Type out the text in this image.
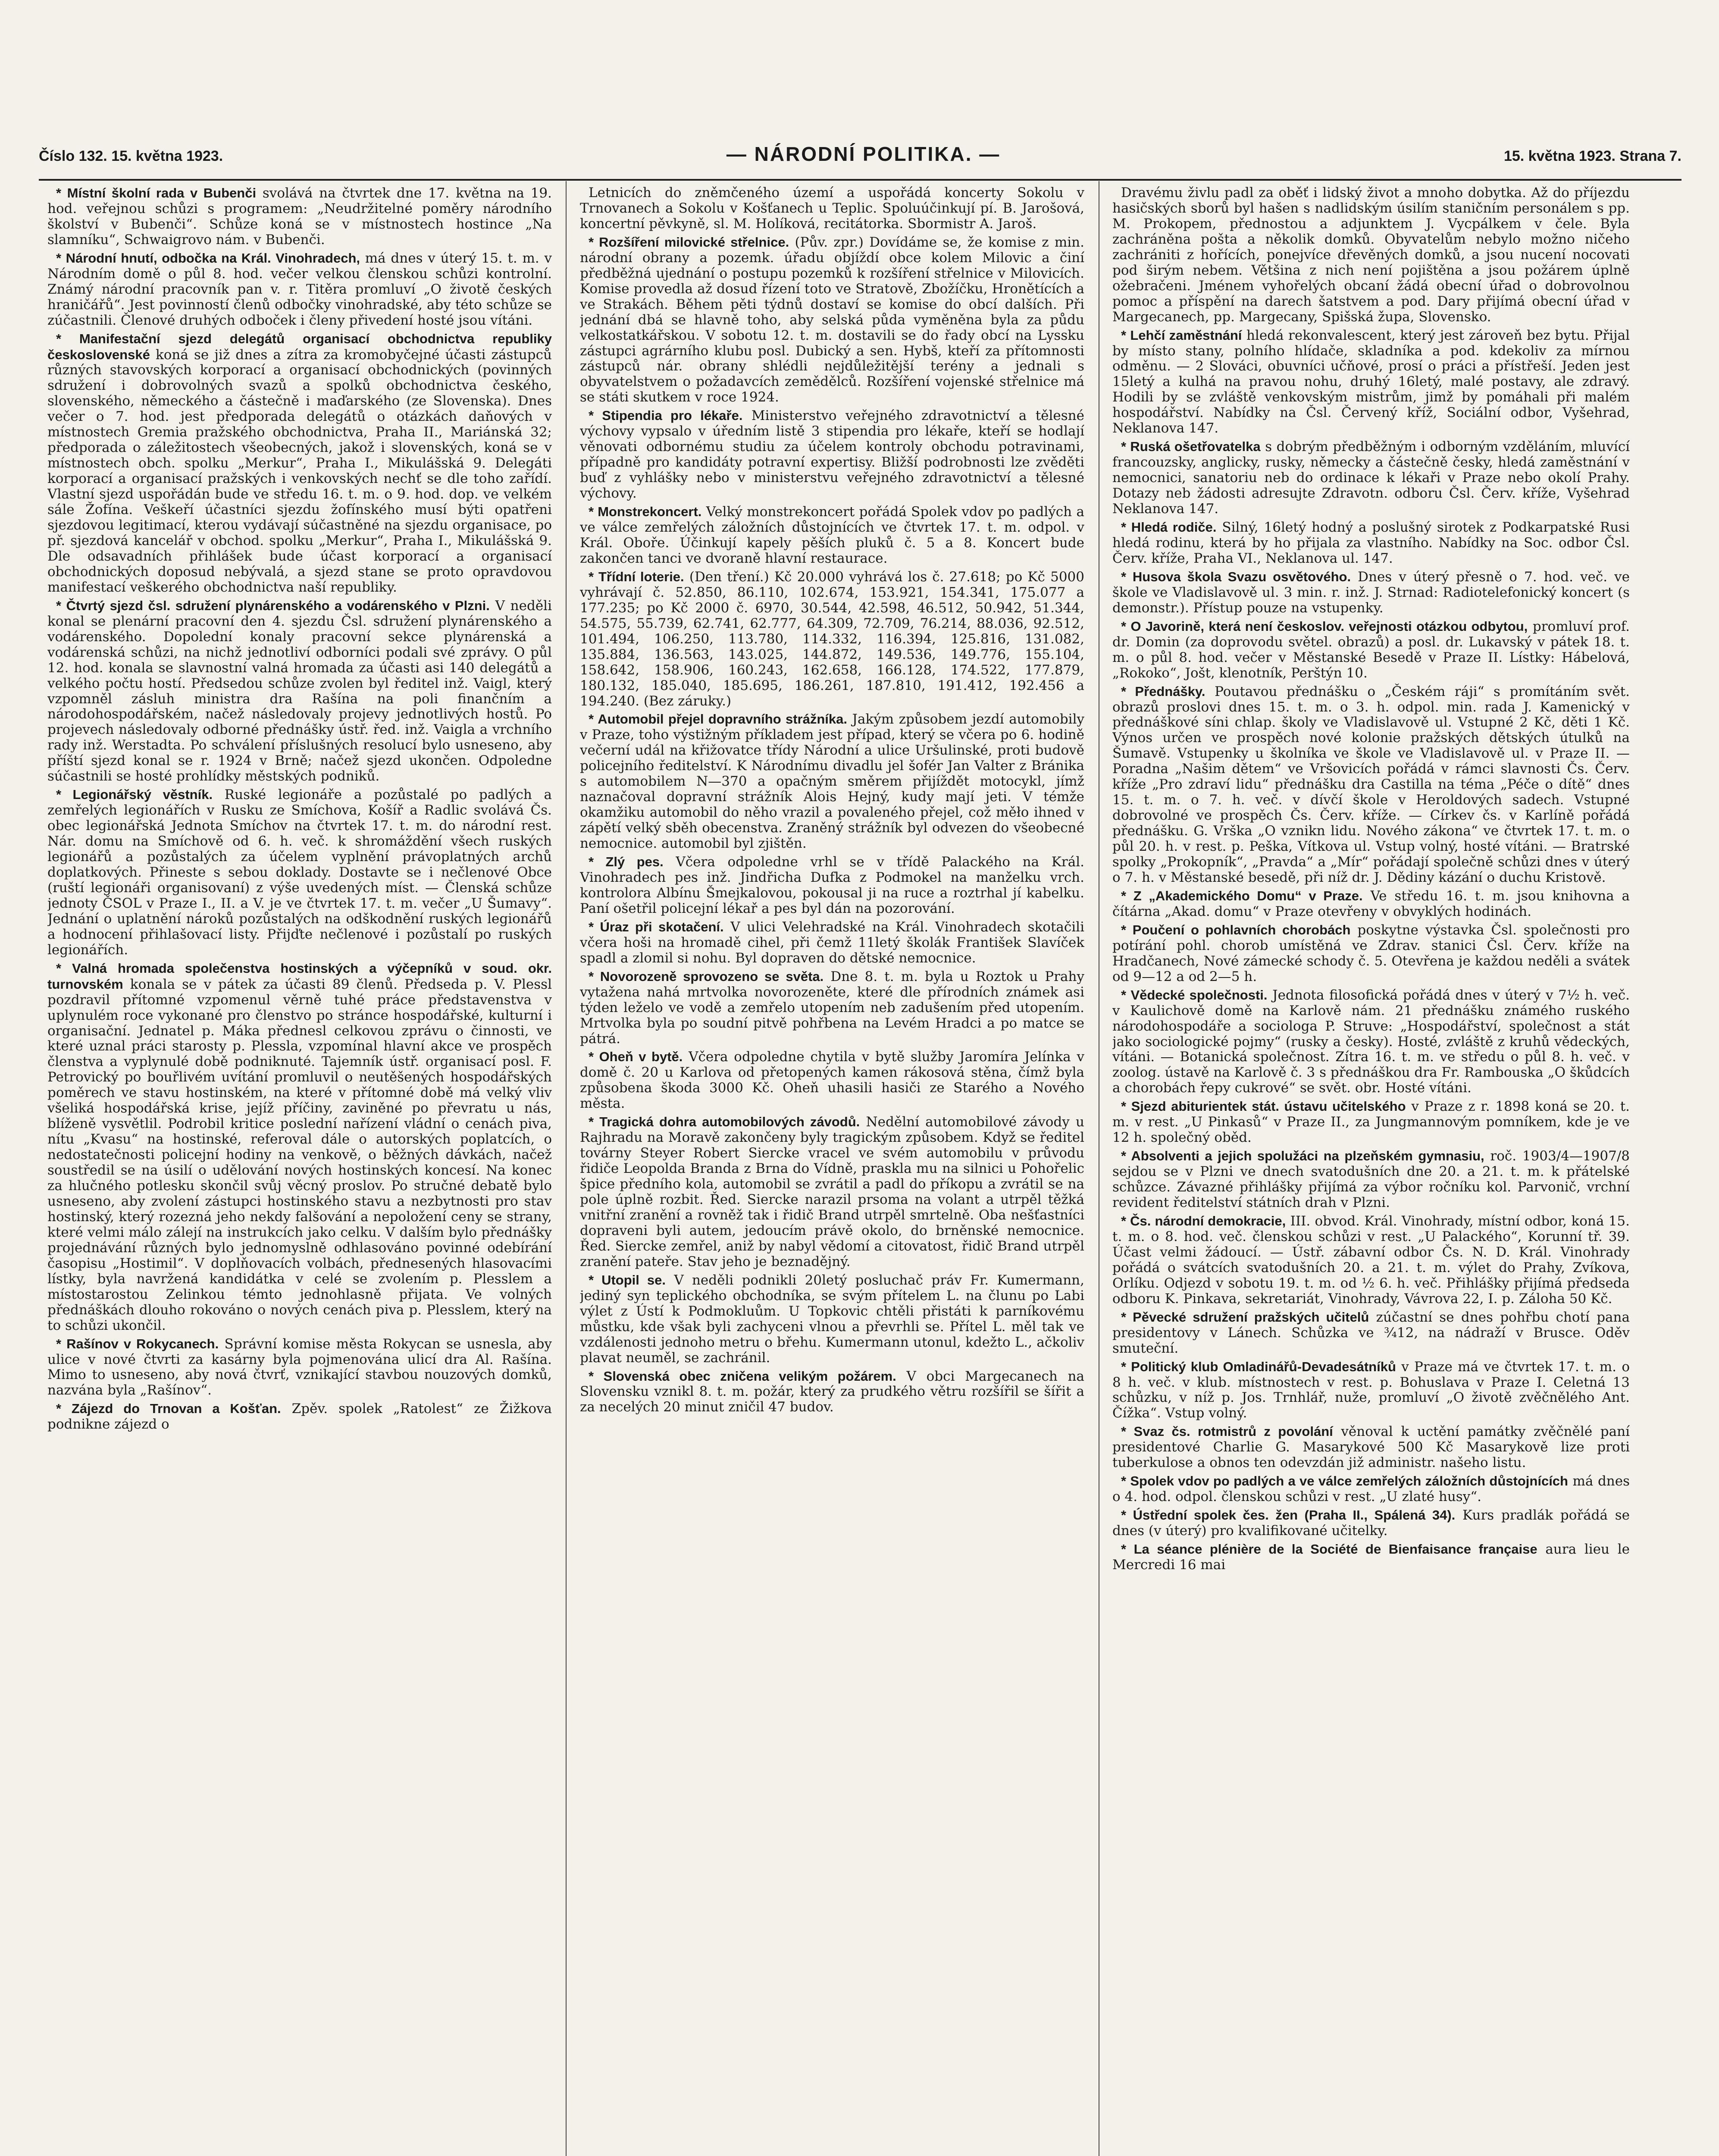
Číslo 132. 15. května 1923.	— NÁRODNÍ POLITIKA. —	15. května 1923. Strana 7.

* Místní školní rada v Bubenči svolává na čtvrtek dne 17. května na 19. hod. veřejnou schůzi s programem: „Neudržitelné poměry národního školství v Bubenči“. Schůze koná se v místnostech hostince „Na slamníku“, Schwaigrovo nám. v Bubenči.

* Národní hnutí, odbočka na Král. Vinohradech, má dnes v úterý 15. t. m. v Národním domě o půl 8. hod. večer velkou členskou schůzi kontrolní. Známý národní pracovník pan v. r. Titěra promluví „O životě českých hraničářů“. Jest povinností členů odbočky vinohradské, aby této schůze se zúčastnili. Členové druhých odboček i členy přivedení hosté jsou vítáni.

* Manifestační sjezd delegátů organisací obchodnictva republiky československé koná se již dnes a zítra za kromobyčejné účasti zástupců různých stavovských korporací a organisací obchodnických (povinných sdružení i dobrovolných svazů a spolků obchodnictva českého, slovenského, německého a částečně i maďarského (ze Slovenska). Dnes večer o 7. hod. jest předporada delegátů o otázkách daňových v místnostech Gremia pražského obchodnictva, Praha II., Mariánská 32; předporada o záležitostech všeobecných, jakož i slovenských, koná se v místnostech obch. spolku „Merkur“, Praha I., Mikulášská 9. Delegáti korporací a organisací pražských i venkovských nechť se dle toho zařídí. Vlastní sjezd uspořádán bude ve středu 16. t. m. o 9. hod. dop. ve velkém sále Žofína. Veškeří účastníci sjezdu žofínského musí býti opatřeni sjezdovou legitimací, kterou vydávají súčastněné na sjezdu organisace, po př. sjezdová kancelář v obchod. spolku „Merkur“, Praha I., Mikulášská 9. Dle odsavadních přihlášek bude účast korporací a organisací obchodnických doposud nebývalá, a sjezd stane se proto opravdovou manifestací veškerého obchodnictva naší republiky.

* Čtvrtý sjezd čsl. sdružení plynárenského a vodárenského v Plzni. V neděli konal se plenární pracovní den 4. sjezdu Čsl. sdružení plynárenského a vodárenského. Dopolední konaly pracovní sekce plynárenská a vodárenská schůzi, na nichž jednotliví odborníci podali své zprávy. O půl 12. hod. konala se slavnostní valná hromada za účasti asi 140 delegátů a velkého počtu hostí. Předsedou schůze zvolen byl ředitel inž. Vaigl, který vzpomněl zásluh ministra dra Rašína na poli finančním a národohospodářském, načež následovaly projevy jednotlivých hostů. Po projevech následovaly odborné přednášky ústř. řed. inž. Vaigla a vrchního rady inž. Werstadta. Po schválení příslušných resolucí bylo usneseno, aby příští sjezd konal se r. 1924 v Brně; načež sjezd ukončen. Odpoledne súčastnili se hosté prohlídky městských podniků.

* Legionářský věstník. Ruské legionáře a pozůstalé po padlých a zemřelých legionářích v Rusku ze Smíchova, Košíř a Radlic svolává Čs. obec legionářská Jednota Smíchov na čtvrtek 17. t. m. do národní rest. Nár. domu na Smíchově od 6. h. več. k shromáždění všech ruských legionářů a pozůstalých za účelem vyplnění právoplatných archů doplatkových. Přineste s sebou doklady. Dostavte se i nečlenové Obce (ruští legionáři organisovaní) z výše uvedených míst. — Členská schůze jednoty ČSOL v Praze I., II. a V. je ve čtvrtek 17. t. m. večer „U Šumavy“. Jednání o uplatnění nároků pozůstalých na odškodnění ruských legionářů a hodnocení přihlašovací listy. Přijďte nečlenové i pozůstalí po ruských legionářích.

* Valná hromada společenstva hostinských a výčepníků v soud. okr. turnovském konala se v pátek za účasti 89 členů. Předseda p. V. Plessl pozdravil přítomné vzpomenul věrně tuhé práce představenstva v uplynulém roce vykonané pro členstvo po stránce hospodářské, kulturní i organisační. Jednatel p. Máka přednesl celkovou zprávu o činnosti, ve které uznal práci starosty p. Plessla, vzpomínal hlavní akce ve prospěch členstva a vyplynulé době podniknuté. Tajemník ústř. organisací posl. F. Petrovický po bouřlivém uvítání promluvil o neutěšených hospodářských poměrech ve stavu hostinském, na které v přítomné době má velký vliv všeliká hospodářská krise, jejíž příčiny, zaviněné po převratu u nás, blíženě vysvětlil. Podrobil kritice poslední nařízení vládní o cenách piva, nítu „Kvasu“ na hostinské, referoval dále o autorských poplatcích, o nedostatečnosti policejní hodiny na venkově, o běžných dávkách, načež soustředil se na úsilí o udělování nových hostinských koncesí. Na konec za hlučného potlesku skončil svůj věcný proslov. Po stručné debatě bylo usneseno, aby zvolení zástupci hostinského stavu a nezbytnosti pro stav hostinský, který rozezná jeho nekdy falšování a nepoložení ceny se strany, které velmi málo zálejí na instrukcích jako celku. V dalším bylo přednášky projednávání různých bylo jednomyslně odhlasováno povinné odebírání časopisu „Hostimil“. V doplňovacích volbách, přednesených hlasovacími lístky, byla navržená kandidátka v celé se zvolením p. Plesslem a místostarostou Zelinkou témto jednohlasně přijata. Ve volných přednáškách dlouho rokováno o nových cenách piva p. Plesslem, který na to schůzi ukončil.

* Rašínov v Rokycanech. Správní komise města Rokycan se usnesla, aby ulice v nové čtvrti za kasárny byla pojmenována ulicí dra Al. Rašína. Mimo to usneseno, aby nová čtvrť, vznikající stavbou nouzových domků, nazvána byla „Rašínov“.

* Zájezd do Trnovan a Košťan. Zpěv. spolek „Ratolest“ ze Žižkova podnikne zájezd o

Letnicích do zněmčeného území a uspořádá koncerty Sokolu v Trnovanech a Sokolu v Košťanech u Teplic. Spoluúčinkují pí. B. Jarošová, koncertní pěvkyně, sl. M. Holíková, recitátorka. Sbormistr A. Jaroš.

* Rozšíření milovické střelnice. (Pův. zpr.) Dovídáme se, že komise z min. národní obrany a pozemk. úřadu objíždí obce kolem Milovic a činí předběžná ujednání o postupu pozemků k rozšíření střelnice v Milovicích. Komise provedla až dosud řízení toto ve Stratově, Zbožíčku, Hronětících a ve Strakách. Během pěti týdnů dostaví se komise do obcí dalších. Při jednání dbá se hlavně toho, aby selská půda vyměněna byla za půdu velkostatkářskou. V sobotu 12. t. m. dostavili se do řady obcí na Lyssku zástupci agrárního klubu posl. Dubický a sen. Hybš, kteří za přítomnosti zástupců nár. obrany shlédli nejdůležitější terény a jednali s obyvatelstvem o požadavcích zemědělců. Rozšíření vojenské střelnice má se státi skutkem v roce 1924.

* Stipendia pro lékaře. Ministerstvo veřejného zdravotnictví a tělesné výchovy vypsalo v úředním listě 3 stipendia pro lékaře, kteří se hodlají věnovati odbornému studiu za účelem kontroly obchodu potravinami, případně pro kandidáty potravní expertisy. Bližší podrobnosti lze zvěděti buď z vyhlášky nebo v ministerstvu veřejného zdravotnictví a tělesné výchovy.

* Monstrekoncert. Velký monstrekoncert pořádá Spolek vdov po padlých a ve válce zemřelých záložních důstojnících ve čtvrtek 17. t. m. odpol. v Král. Oboře. Účinkují kapely pěších pluků č. 5 a 8. Koncert bude zakončen tanci ve dvoraně hlavní restaurace.

* Třídní loterie. (Den tření.) Kč 20.000 vyhrává los č. 27.618; po Kč 5000 vyhrávají č. 52.850, 86.110, 102.674, 153.921, 154.341, 175.077 a 177.235; po Kč 2000 č. 6970, 30.544, 42.598, 46.512, 50.942, 51.344, 54.575, 55.739, 62.741, 62.777, 64.309, 72.709, 76.214, 88.036, 92.512, 101.494, 106.250, 113.780, 114.332, 116.394, 125.816, 131.082, 135.884, 136.563, 143.025, 144.872, 149.536, 149.776, 155.104, 158.642, 158.906, 160.243, 162.658, 166.128, 174.522, 177.879, 180.132, 185.040, 185.695, 186.261, 187.810, 191.412, 192.456 a 194.240. (Bez záruky.)

* Automobil přejel dopravního strážníka. Jakým způsobem jezdí automobily v Praze, toho výstižným příkladem jest případ, který se včera po 6. hodině večerní udál na křižovatce třídy Národní a ulice Uršulinské, proti budově policejního ředitelství. K Národnímu divadlu jel šofér Jan Valter z Bránika s automobilem N—370 a opačným směrem přijíždět motocykl, jímž naznačoval dopravní strážník Alois Hejný, kudy mají jeti. V témže okamžiku automobil do něho vrazil a povaleného přejel, což měło ihned v zápětí velký sběh obecenstva. Zraněný strážník byl odvezen do všeobecné nemocnice. automobil byl zjištěn.

* Zlý pes. Včera odpoledne vrhl se v třídě Palackého na Král. Vinohradech pes inž. Jindřicha Dufka z Podmokel na manželku vrch. kontrolora Albínu Šmejkalovou, pokousal ji na ruce a roztrhal jí kabelku. Paní ošetřil policejní lékař a pes byl dán na pozorování.

* Úraz při skotačení. V ulici Velehradské na Král. Vinohradech skotačili včera hoši na hromadě cihel, při čemž 11letý školák František Slavíček spadl a zlomil si nohu. Byl dopraven do dětské nemocnice.

* Novorozeně sprovozeno se světa. Dne 8. t. m. byla u Roztok u Prahy vytažena nahá mrtvolka novorozeněte, které dle přírodních známek asi týden leželo ve vodě a zemřelo utopením neb zadušením před utopením. Mrtvolka byla po soudní pitvě pohřbena na Levém Hradci a po matce se pátrá.

* Oheň v bytě. Včera odpoledne chytila v bytě služby Jaromíra Jelínka v domě č. 20 u Karlova od přetopených kamen rákosová stěna, čímž byla způsobena škoda 3000 Kč. Oheň uhasili hasiči ze Starého a Nového města.

* Tragická dohra automobilových závodů. Nedělní automobilové závody u Rajhradu na Moravě zakončeny byly tragickým způsobem. Když se ředitel továrny Steyer Robert Siercke vracel ve svém automobilu v průvodu řidiče Leopolda Branda z Brna do Vídně, praskla mu na silnici u Pohořelic špice předního kola, automobil se zvrátil a padl do příkopu a zvrátil se na pole úplně rozbit. Řed. Siercke narazil prsoma na volant a utrpěl těžká vnitřní zranění a rovněž tak i řidič Brand utrpěl smrtelně. Oba nešťastníci dopraveni byli autem, jedoucím právě okolo, do brněnské nemocnice. Řed. Siercke zemřel, aniž by nabyl vědomí a citovatost, řidič Brand utrpěl zranění pateře. Stav jeho je beznadějný.

* Utopil se. V neděli podnikli 20letý posluchač práv Fr. Kumermann, jediný syn teplického obchodníka, se svým přítelem L. na člunu po Labi výlet z Ústí k Podmokluům. U Topkovic chtěli přistáti k parníkovému můstku, kde však byli zachyceni vlnou a převrhli se. Přítel L. měl tak ve vzdálenosti jednoho metru o břehu. Kumermann utonul, kdežto L., ačkoliv plavat neuměl, se zachránil.

* Slovenská obec zničena velikým požárem. V obci Margecanech na Slovensku vznikl 8. t. m. požár, který za prudkého větru rozšířil se šířit a za necelých 20 minut zničil 47 budov.

Dravému živlu padl za oběť i lidský život a mnoho dobytka. Až do příjezdu hasičských sborů byl hašen s nadlidským úsilím staničním personálem s pp. M. Prokopem, přednostou a adjunktem J. Vycpálkem v čele. Byla zachráněna pošta a několik domků. Obyvatelům nebylo možno ničeho zachrániti z hořících, ponejvíce dřevěných domků, a jsou nucení nocovati pod širým nebem. Většina z nich není pojištěna a jsou požárem úplně ožebračeni. Jménem vyhořelých obcaní žádá obecní úřad o dobrovolnou pomoc a příspění na darech šatstvem a pod. Dary přijímá obecní úřad v Margecanech, pp. Margecany, Spišská župa, Slovensko.

* Lehčí zaměstnání hledá rekonvalescent, který jest zároveň bez bytu. Přijal by místo stany, polního hlídače, skladníka a pod. kdekoliv za mírnou odměnu. — 2 Slováci, obuvníci učňové, prosí o práci a přístřeší. Jeden jest 15letý a kulhá na pravou nohu, druhý 16letý, malé postavy, ale zdravý. Hodili by se zvláště venkovským mistrům, jimž by pomáhali při malém hospodářství. Nabídky na Čsl. Červený kříž, Sociální odbor, Vyšehrad, Neklanova 147.

* Ruská ošetřovatelka s dobrým předběžným i odborným vzděláním, mluvící francouzsky, anglicky, rusky, německy a částečně česky, hledá zaměstnání v nemocnici, sanatoriu neb do ordinace k lékaři v Praze nebo okolí Prahy. Dotazy neb žádosti adresujte Zdravotn. odboru Čsl. Červ. kříže, Vyšehrad Neklanova 147.

* Hledá rodiče. Silný, 16letý hodný a poslušný sirotek z Podkarpatské Rusi hledá rodinu, která by ho přijala za vlastního. Nabídky na Soc. odbor Čsl. Červ. kříže, Praha VI., Neklanova ul. 147.

* Husova škola Svazu osvětového. Dnes v úterý přesně o 7. hod. več. ve škole ve Vladislavově ul. 3 min. r. inž. J. Strnad: Radiotelefonický koncert (s demonstr.). Přístup pouze na vstupenky.

* O Javorině, která není českoslov. veřejnosti otázkou odbytou, promluví prof. dr. Domin (za doprovodu světel. obrazů) a posl. dr. Lukavský v pátek 18. t. m. o půl 8. hod. večer v Městanské Besedě v Praze II. Lístky: Hábelová, „Rokoko“, Jošt, klenotník, Perštýn 10.

* Přednášky. Poutavou přednášku o „Českém ráji“ s promítáním svět. obrazů proslovi dnes 15. t. m. o 3. h. odpol. min. rada J. Kamenický v přednáškové síni chlap. školy ve Vladislavově ul. Vstupné 2 Kč, děti 1 Kč. Výnos určen ve prospěch nové kolonie pražských dětských útulků na Šumavě. Vstupenky u školníka ve škole ve Vladislavově ul. v Praze II. — Poradna „Našim dětem“ ve Vršovicích pořádá v rámci slavnosti Čs. Červ. kříže „Pro zdraví lidu“ přednášku dra Castilla na téma „Péče o dítě“ dnes 15. t. m. o 7. h. več. v dívčí škole v Heroldových sadech. Vstupné dobrovolné ve prospěch Čs. Červ. kříže. — Církev čs. v Karlíně pořádá přednášku. G. Vrška „O vznikn lidu. Nového zákona“ ve čtvrtek 17. t. m. o půl 20. h. v rest. p. Peška, Vítkova ul. Vstup volný, hosté vítáni. — Bratrské spolky „Prokopník“, „Pravda“ a „Mír“ pořádají společně schůzi dnes v úterý o 7. h. v Městanské besedě, při níž dr. J. Dědiny kázání o duchu Kristově.

* Z „Akademického Domu“ v Praze. Ve středu 16. t. m. jsou knihovna a čítárna „Akad. domu“ v Praze otevřeny v obvyklých hodinách.

* Poučení o pohlavních chorobách poskytne výstavka Čsl. společnosti pro potírání pohl. chorob umístěná ve Zdrav. stanici Čsl. Červ. kříže na Hradčanech, Nové zámecké schody č. 5. Otevřena je každou neděli a svátek od 9—12 a od 2—5 h.

* Vědecké společnosti. Jednota filosofická pořádá dnes v úterý v 7½ h. več. v Kaulichově domě na Karlově nám. 21 přednášku známého ruského národohospodáře a sociologa P. Struve: „Hospodářství, společnost a stát jako sociologické pojmy“ (rusky a česky). Hosté, zvláště z kruhů vědeckých, vítáni. — Botanická společnost. Zítra 16. t. m. ve středu o půl 8. h. več. v zoolog. ústavě na Karlově č. 3 s přednáškou dra Fr. Rambouska „O škůdcích a chorobách řepy cukrové“ se svět. obr. Hosté vítáni.

* Sjezd abiturientek stát. ústavu učitelského v Praze z r. 1898 koná se 20. t. m. v rest. „U Pinkasů“ v Praze II., za Jungmannovým pomníkem, kde je ve 12 h. společný oběd.

* Absolventi a jejich spolužáci na plzeňském gymnasiu, roč. 1903/4—1907/8 sejdou se v Plzni ve dnech svatodušních dne 20. a 21. t. m. k přátelské schůzce. Závazné přihlášky přijímá za výbor ročníku kol. Parvonič, vrchní revident ředitelství státních drah v Plzni.

* Čs. národní demokracie, III. obvod. Král. Vinohrady, místní odbor, koná 15. t. m. o 8. hod. več. členskou schůzi v rest. „U Palackého“, Korunní tř. 39. Účast velmi žádoucí. — Ústř. zábavní odbor Čs. N. D. Král. Vinohrady pořádá o svátcích svatodušních 20. a 21. t. m. výlet do Prahy, Zvíkova, Orlíku. Odjezd v sobotu 19. t. m. od ½ 6. h. več. Přihlášky přijímá předseda odboru K. Pinkava, sekretariát, Vinohrady, Vávrova 22, I. p. Záloha 50 Kč.

* Pěvecké sdružení pražských učitelů zúčastní se dnes pohřbu chotí pana presidentovy v Lánech. Schůzka ve ¾12, na nádraží v Brusce. Oděv smuteční.

* Politický klub Omladinářů-Devadesátníků v Praze má ve čtvrtek 17. t. m. o 8 h. več. v klub. místnostech v rest. p. Bohuslava v Praze I. Celetná 13 schůzku, v níž p. Jos. Trnhlář, nuže, promluví „O životě zvěčnělého Ant. Čížka“. Vstup volný.

* Svaz čs. rotmistrů z povolání věnoval k uctění památky zvěčnělé paní presidentové Charlie G. Masarykové 500 Kč Masarykově lize proti tuberkulose a obnos ten odevzdán již administr. našeho listu.

* Spolek vdov po padlých a ve válce zemřelých záložních důstojnících má dnes o 4. hod. odpol. členskou schůzi v rest. „U zlaté husy“.

* Ústřední spolek čes. žen (Praha II., Spálená 34). Kurs pradlák pořádá se dnes (v úterý) pro kvalifikované učitelky.

* La séance plénière de la Société de Bienfaisance française aura lieu le Mercredi 16 mai
